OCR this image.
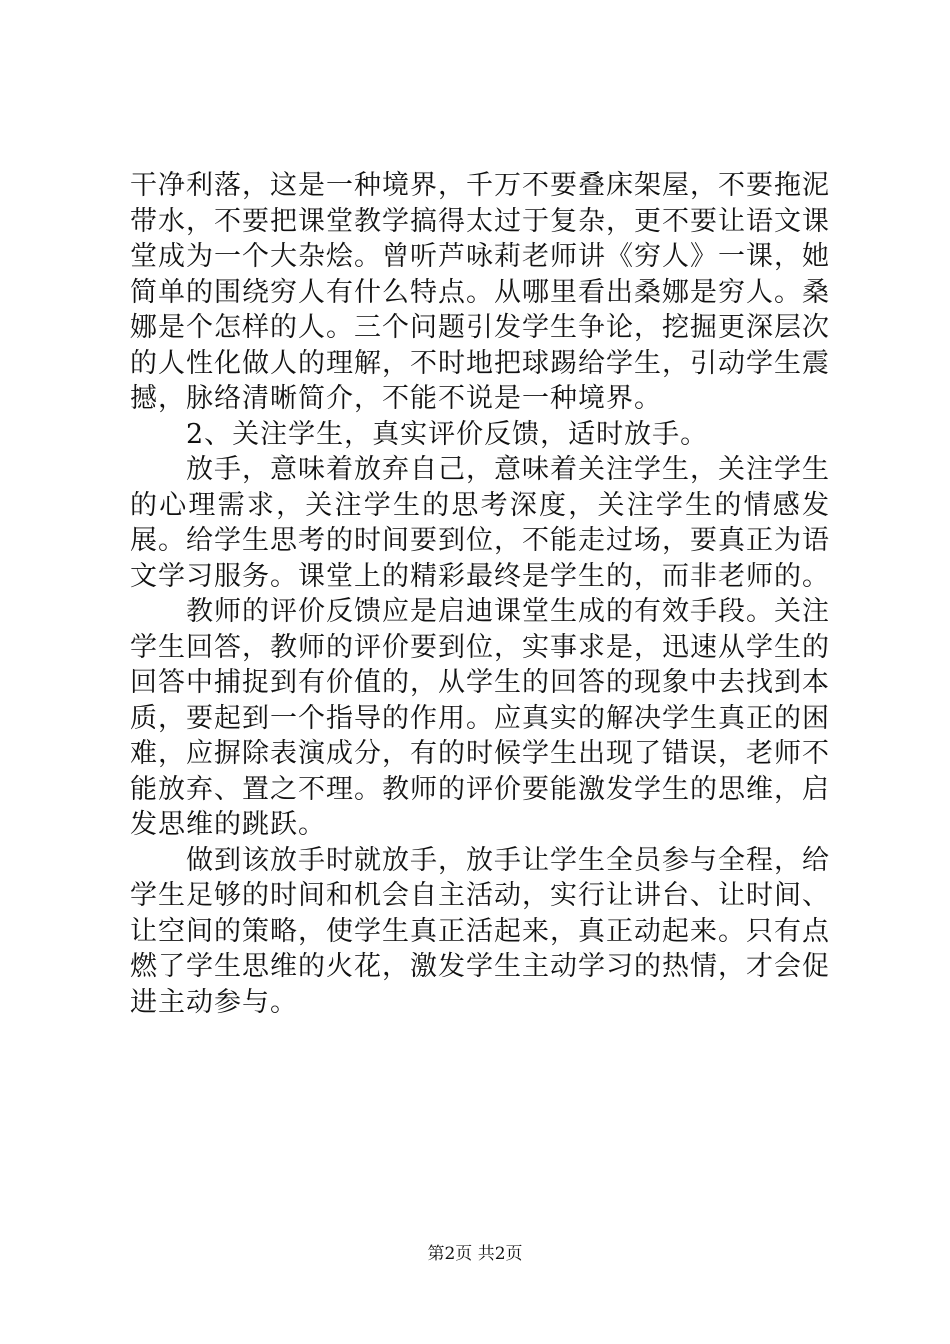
干净利落，这是一种境界，千万不要叠床架屋，不要拖泥带水，不要把课堂教学搞得太过于复杂，更不要让语文课堂成为一个大杂烩。曾听芦咏莉老师讲《穷人》一课，她简单的围绕穷人有什么特点。从哪里看出桑娜是穷人。桑娜是个怎样的人。三个问题引发学生争论，挖掘更深层次的人性化做人的理解，不时地把球踢给学生，引动学生震撼，脉络清晰简介，不能不说是一种境界。

2、关注学生，真实评价反馈，适时放手。

放手，意味着放弃自己，意味着关注学生，关注学生的心理需求，关注学生的思考深度，关注学生的情感发展。给学生思考的时间要到位，不能走过场，要真正为语文学习服务。课堂上的精彩最终是学生的，而非老师的。

教师的评价反馈应是启迪课堂生成的有效手段。关注学生回答，教师的评价要到位，实事求是，迅速从学生的回答中捕捉到有价值的，从学生的回答的现象中去找到本质，要起到一个指导的作用。应真实的解决学生真正的困难，应摒除表演成分，有的时候学生出现了错误，老师不能放弃、置之不理。教师的评价要能激发学生的思维，启发思维的跳跃。

做到该放手时就放手，放手让学生全员参与全程，给学生足够的时间和机会自主活动，实行让讲台、让时间、让空间的策略，使学生真正活起来，真正动起来。只有点燃了学生思维的火花，激发学生主动学习的热情，才会促进主动参与。

第2页 共2页
